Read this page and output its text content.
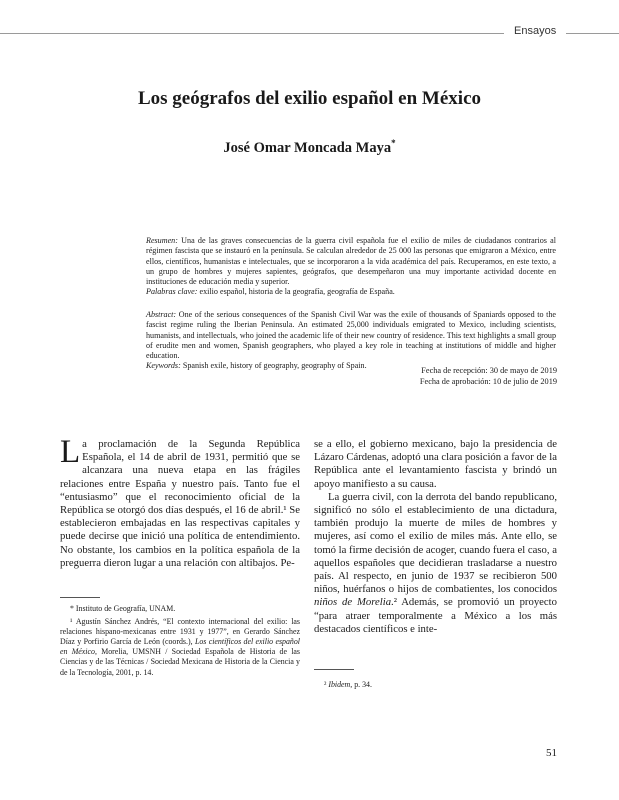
Ensayos
Los geógrafos del exilio español en México
José Omar Moncada Maya*

Resumen: Una de las graves consecuencias de la guerra civil española fue el exilio de miles de ciudadanos contrarios al régimen fascista que se instauró en la península. Se calculan alrededor de 25 000 las personas que emigraron a México, entre ellos, científicos, humanistas e intelectuales, que se incorporaron a la vida académica del país. Recuperamos, en este texto, a un grupo de hombres y mujeres sapientes, geógrafos, que desempeñaron una muy importante actividad docente en instituciones de educación media y superior.

Palabras clave: exilio español, historia de la geografía, geografía de España.

Abstract: One of the serious consequences of the Spanish Civil War was the exile of thousands of Spaniards opposed to the fascist regime ruling the Iberian Peninsula. An estimated 25,000 individuals emigrated to Mexico, including scientists, humanists, and intellectuals, who joined the academic life of their new country of residence. This text highlights a small group of erudite men and women, Spanish geographers, who played a key role in teaching at institutions of middle and higher education.

Keywords: Spanish exile, history of geography, geography of Spain.

Fecha de recepción: 30 de mayo de 2019
Fecha de aprobación: 10 de julio de 2019

La proclamación de la Segunda República Española, el 14 de abril de 1931, permitió que se alcanzara una nueva etapa en las frágiles relaciones entre España y nuestro país. Tanto fue el “entusiasmo” que el reconocimiento oficial de la República se otorgó dos días después, el 16 de abril.¹ Se establecieron embajadas en las respectivas capitales y puede decirse que inició una política de entendimiento. No obstante, los cambios en la política española de la preguerra dieron lugar a una relación con altibajos. Pe-

se a ello, el gobierno mexicano, bajo la presidencia de Lázaro Cárdenas, adoptó una clara posición a favor de la República ante el levantamiento fascista y brindó un apoyo manifiesto a su causa.

La guerra civil, con la derrota del bando republicano, significó no sólo el establecimiento de una dictadura, también produjo la muerte de miles de hombres y mujeres, así como el exilio de miles más. Ante ello, se tomó la firme decisión de acoger, cuando fuera el caso, a aquellos españoles que decidieran trasladarse a nuestro país. Al respecto, en junio de 1937 se recibieron 500 niños, huérfanos o hijos de combatientes, los conocidos niños de Morelia.² Además, se promovió un proyecto “para atraer temporalmente a México a los más destacados científicos e inte-

* Instituto de Geografía, UNAM.

¹ Agustín Sánchez Andrés, “El contexto internacional del exilio: las relaciones hispano-mexicanas entre 1931 y 1977”, en Gerardo Sánchez Díaz y Porfirio García de León (coords.), Los científicos del exilio español en México, Morelia, UMSNH / Sociedad Española de Historia de las Ciencias y de las Técnicas / Sociedad Mexicana de Historia de la Ciencia y de la Tecnología, 2001, p. 14.

² Ibidem, p. 34.

51
